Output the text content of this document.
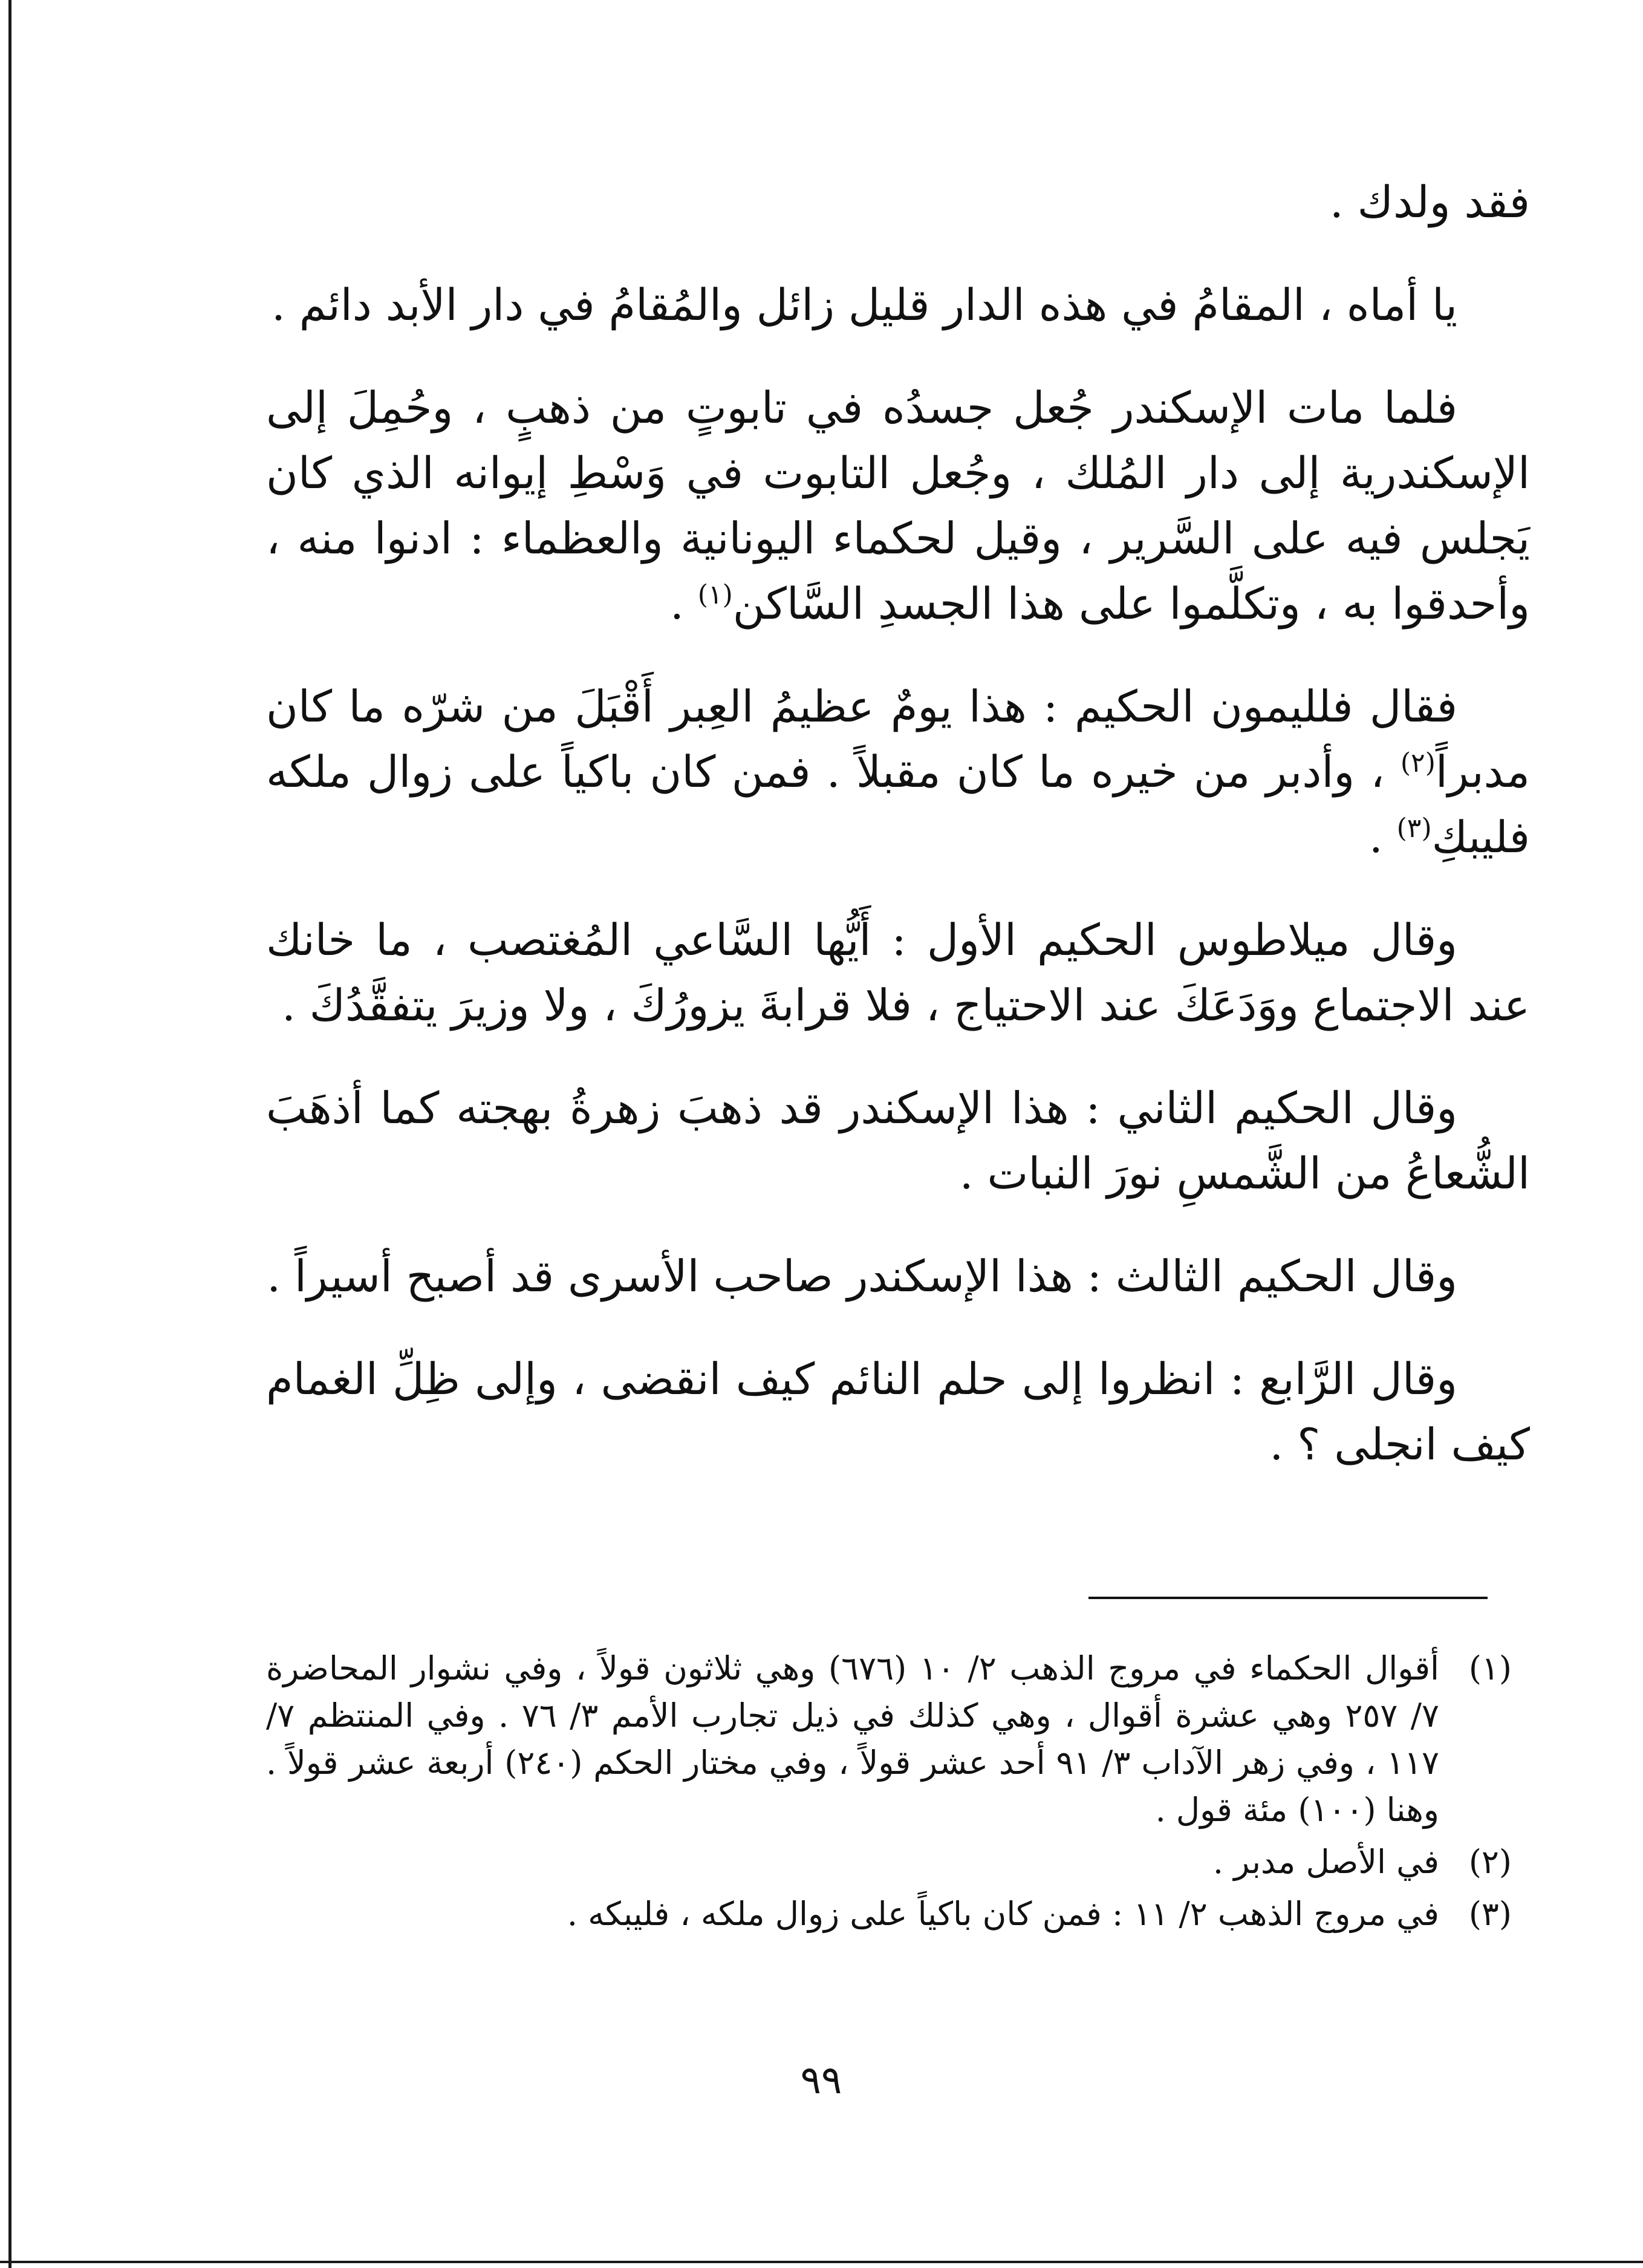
فقد ولدك .

يا أماه ، المقامُ في هذه الدار قليل زائل والمُقامُ في دار الأبد دائم .

فلما مات الإسكندر جُعل جسدُه في تابوتٍ من ذهبٍ ، وحُمِلَ إلى الإسكندرية إلى دار المُلك ، وجُعل التابوت في وَسْطِ إيوانه الذي كان يَجلس فيه على السَّرير ، وقيل لحكماء اليونانية والعظماء : ادنوا منه ، وأحدقوا به ، وتكلَّموا على هذا الجسدِ السَّاكن$^{(١)}$ .

فقال فلليمون الحكيم : هذا يومٌ عظيمُ العِبر أَقْبَلَ من شرّه ما كان مدبراً$^{(٢)}$ ، وأدبر من خيره ما كان مقبلاً . فمن كان باكياً على زوال ملكه فليبكِ$^{(٣)}$ .

وقال ميلاطوس الحكيم الأول : أَيُّها السَّاعي المُغتصب ، ما خانك عند الاجتماع ووَدَعَكَ عند الاحتياج ، فلا قرابةَ يزورُكَ ، ولا وزيرَ يتفقَّدُكَ .

وقال الحكيم الثاني : هذا الإسكندر قد ذهبَ زهرةُ بهجته كما أذهَبَ الشُّعاعُ من الشَّمسِ نورَ النبات .

وقال الحكيم الثالث : هذا الإسكندر صاحب الأسرى قد أصبح أسيراً .

وقال الرَّابع : انظروا إلى حلم النائم كيف انقضى ، وإلى ظِلِّ الغمام كيف انجلى ؟ .

(١)
أقوال الحكماء في مروج الذهب ٢/ ١٠ (٦٧٦) وهي ثلاثون قولاً ، وفي نشوار المحاضرة ٧/ ٢٥٧ وهي عشرة أقوال ، وهي كذلك في ذيل تجارب الأمم ٣/ ٧٦ . وفي المنتظم ٧/ ١١٧ ، وفي زهر الآداب ٣/ ٩١ أحد عشر قولاً ، وفي مختار الحكم (٢٤٠) أربعة عشر قولاً . وهنا (١٠٠) مئة قول .
(٢)
في الأصل مدبر .
(٣)
في مروج الذهب ٢/ ١١ : فمن كان باكياً على زوال ملكه ، فليبكه .
٩٩
